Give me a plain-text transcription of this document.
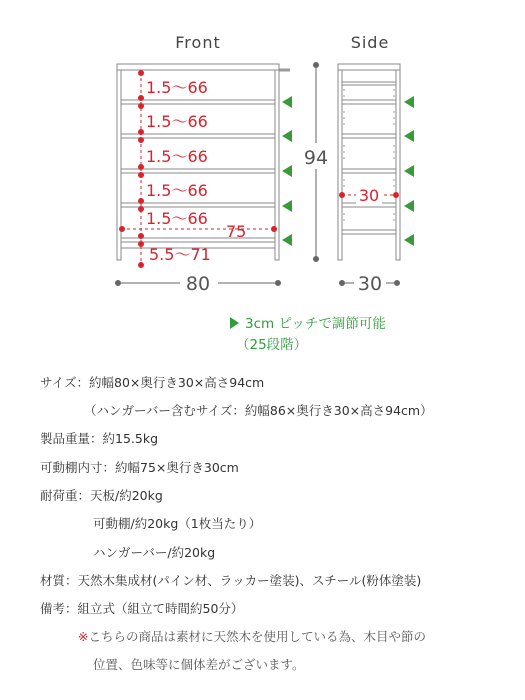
Front	Side
1.5～66
1.5～66
1.5～66
1.5～66
1.5～66
5.5～71
75
94
80
30
30
3cm ピッチで調節可能
（25段階）
サイズ：約幅80×奥行き30×高さ94cm
（ハンガーバー含むサイズ：約幅86×奥行き30×高さ94cm）
製品重量：約15.5kg
可動棚内寸：約幅75×奥行き30cm
耐荷重：天板/約20kg
可動棚/約20kg（1枚当たり）
ハンガーバー/約20kg
材質：天然木集成材(パイン材、ラッカー塗装)、スチール(粉体塗装)
備考：組立式（組立て時間約50分）
※こちらの商品は素材に天然木を使用している為、木目や節の
位置、色味等に個体差がございます。
